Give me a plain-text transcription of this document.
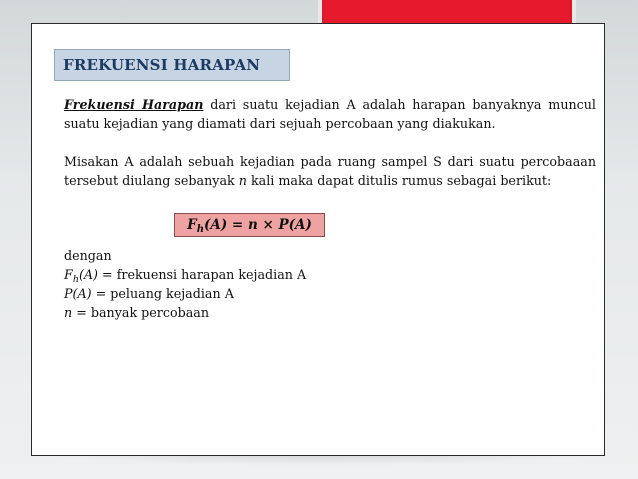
FREKUENSI HARAPAN
Frekuensi Harapan dari suatu kejadian A adalah harapan banyaknya muncul suatu kejadian yang diamati dari sejuah percobaan yang diakukan.
Misakan A adalah sebuah kejadian pada ruang sampel S dari suatu percobaaan tersebut diulang sebanyak n kali maka dapat ditulis rumus sebagai berikut:
$F_h(A) = n \times P(A)$
dengan
$F_h(A)$ = frekuensi harapan kejadian A
P(A) = peluang kejadian A
n = banyak percobaan
